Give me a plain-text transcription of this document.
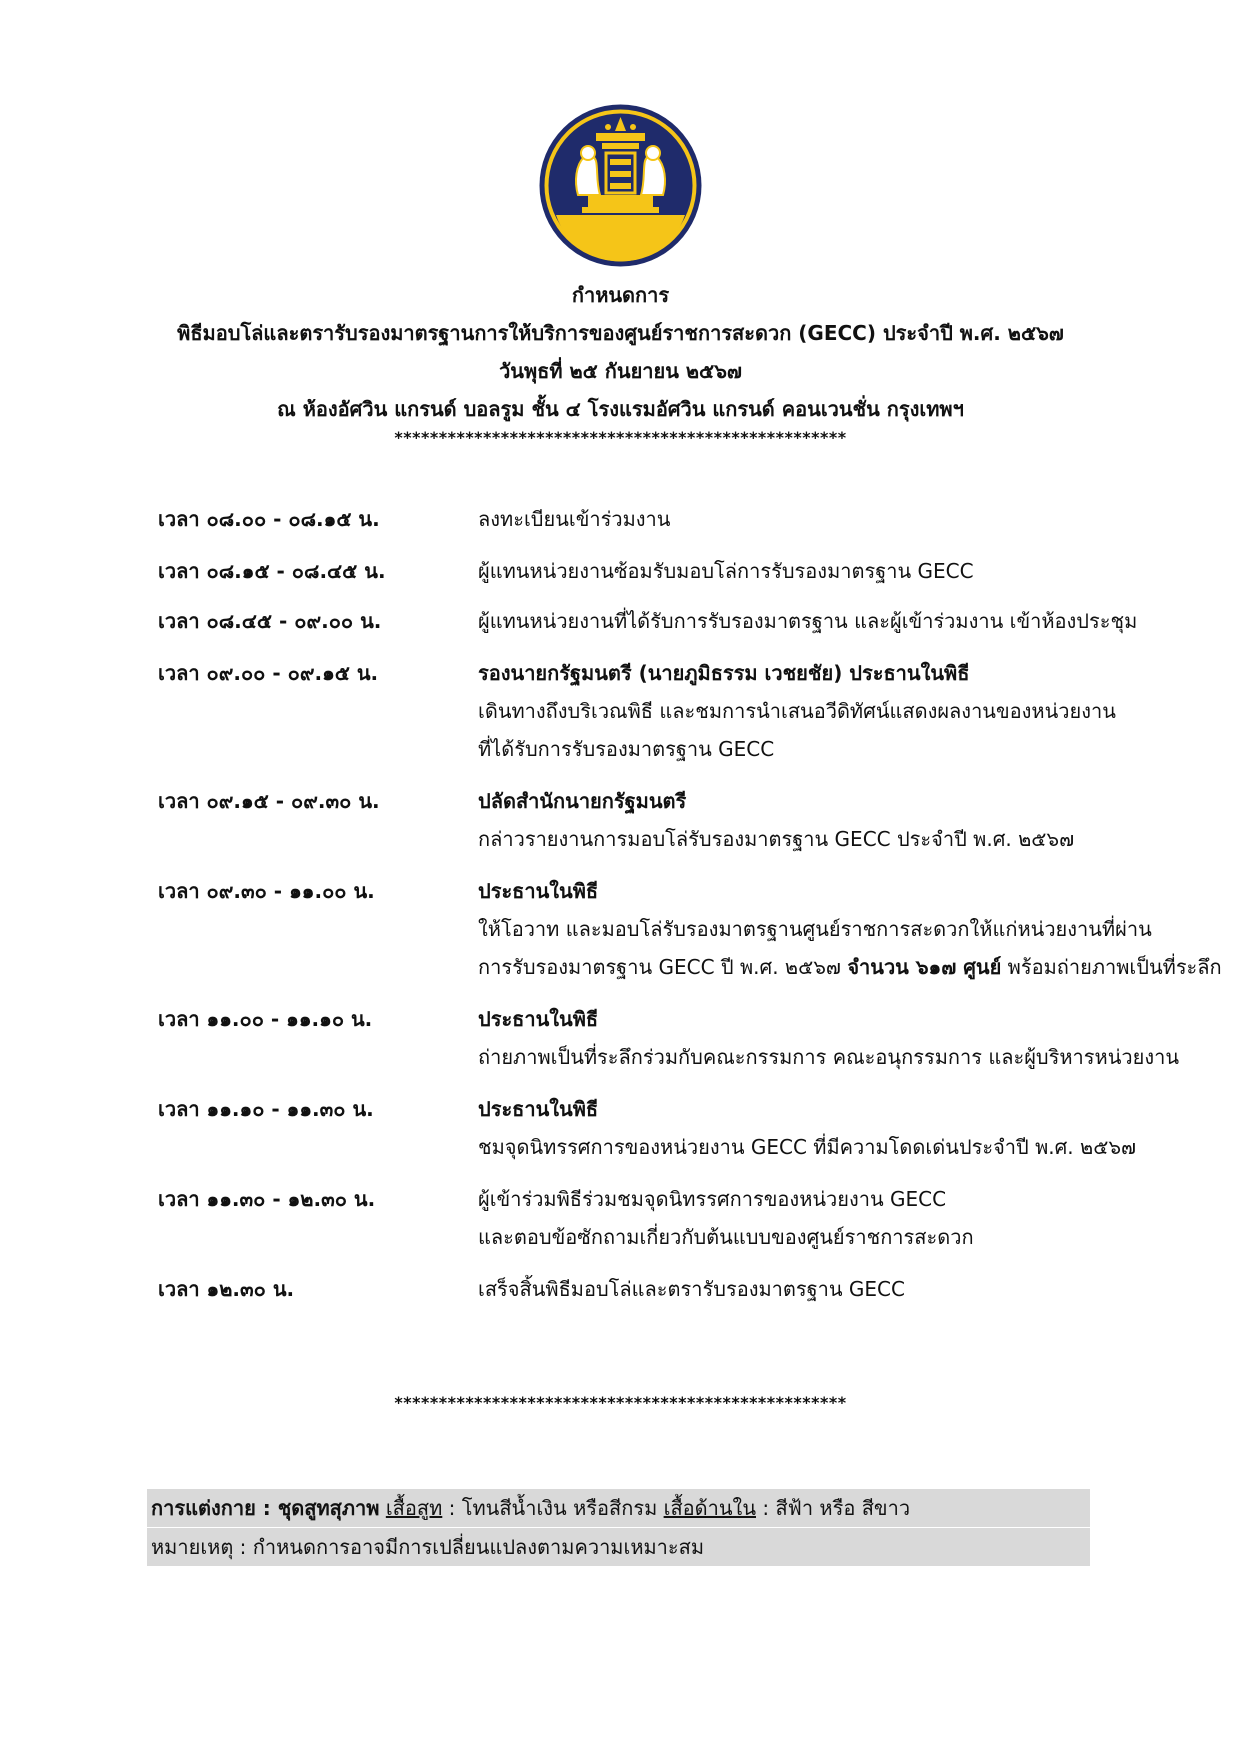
กำหนดการ
พิธีมอบโล่และตรารับรองมาตรฐานการให้บริการของศูนย์ราชการสะดวก (GECC) ประจำปี พ.ศ. ๒๕๖๗
วันพุธที่ ๒๕ กันยายน ๒๕๖๗
ณ ห้องอัศวิน แกรนด์ บอลรูม ชั้น ๔ โรงแรมอัศวิน แกรนด์ คอนเวนชั่น กรุงเทพฯ
***************************************************
เวลา ๐๘.๐๐ - ๐๘.๑๕ น.	ลงทะเบียนเข้าร่วมงาน
เวลา ๐๘.๑๕ - ๐๘.๔๕ น.	ผู้แทนหน่วยงานซ้อมรับมอบโล่การรับรองมาตรฐาน GECC
เวลา ๐๘.๔๕ - ๐๙.๐๐ น.	ผู้แทนหน่วยงานที่ได้รับการรับรองมาตรฐาน และผู้เข้าร่วมงาน เข้าห้องประชุม
เวลา ๐๙.๐๐ - ๐๙.๑๕ น.	รองนายกรัฐมนตรี (นายภูมิธรรม เวชยชัย) ประธานในพิธี
เดินทางถึงบริเวณพิธี และชมการนำเสนอวีดิทัศน์แสดงผลงานของหน่วยงาน
ที่ได้รับการรับรองมาตรฐาน GECC
เวลา ๐๙.๑๕ - ๐๙.๓๐ น.	ปลัดสำนักนายกรัฐมนตรี
กล่าวรายงานการมอบโล่รับรองมาตรฐาน GECC ประจำปี พ.ศ. ๒๕๖๗
เวลา ๐๙.๓๐ - ๑๑.๐๐ น.	ประธานในพิธี
ให้โอวาท และมอบโล่รับรองมาตรฐานศูนย์ราชการสะดวกให้แก่หน่วยงานที่ผ่าน
การรับรองมาตรฐาน GECC ปี พ.ศ. ๒๕๖๗ จำนวน ๖๑๗ ศูนย์ พร้อมถ่ายภาพเป็นที่ระลึก
เวลา ๑๑.๐๐ - ๑๑.๑๐ น.	ประธานในพิธี
ถ่ายภาพเป็นที่ระลึกร่วมกับคณะกรรมการ คณะอนุกรรมการ และผู้บริหารหน่วยงาน
เวลา ๑๑.๑๐ - ๑๑.๓๐ น.	ประธานในพิธี
ชมจุดนิทรรศการของหน่วยงาน GECC ที่มีความโดดเด่นประจำปี พ.ศ. ๒๕๖๗
เวลา ๑๑.๓๐ - ๑๒.๓๐ น.	ผู้เข้าร่วมพิธีร่วมชมจุดนิทรรศการของหน่วยงาน GECC
และตอบข้อซักถามเกี่ยวกับต้นแบบของศูนย์ราชการสะดวก
เวลา ๑๒.๓๐ น.	เสร็จสิ้นพิธีมอบโล่และตรารับรองมาตรฐาน GECC
***************************************************
การแต่งกาย : ชุดสูทสุภาพ เสื้อสูท : โทนสีน้ำเงิน หรือสีกรม เสื้อด้านใน : สีฟ้า หรือ สีขาว
หมายเหตุ : กำหนดการอาจมีการเปลี่ยนแปลงตามความเหมาะสม
